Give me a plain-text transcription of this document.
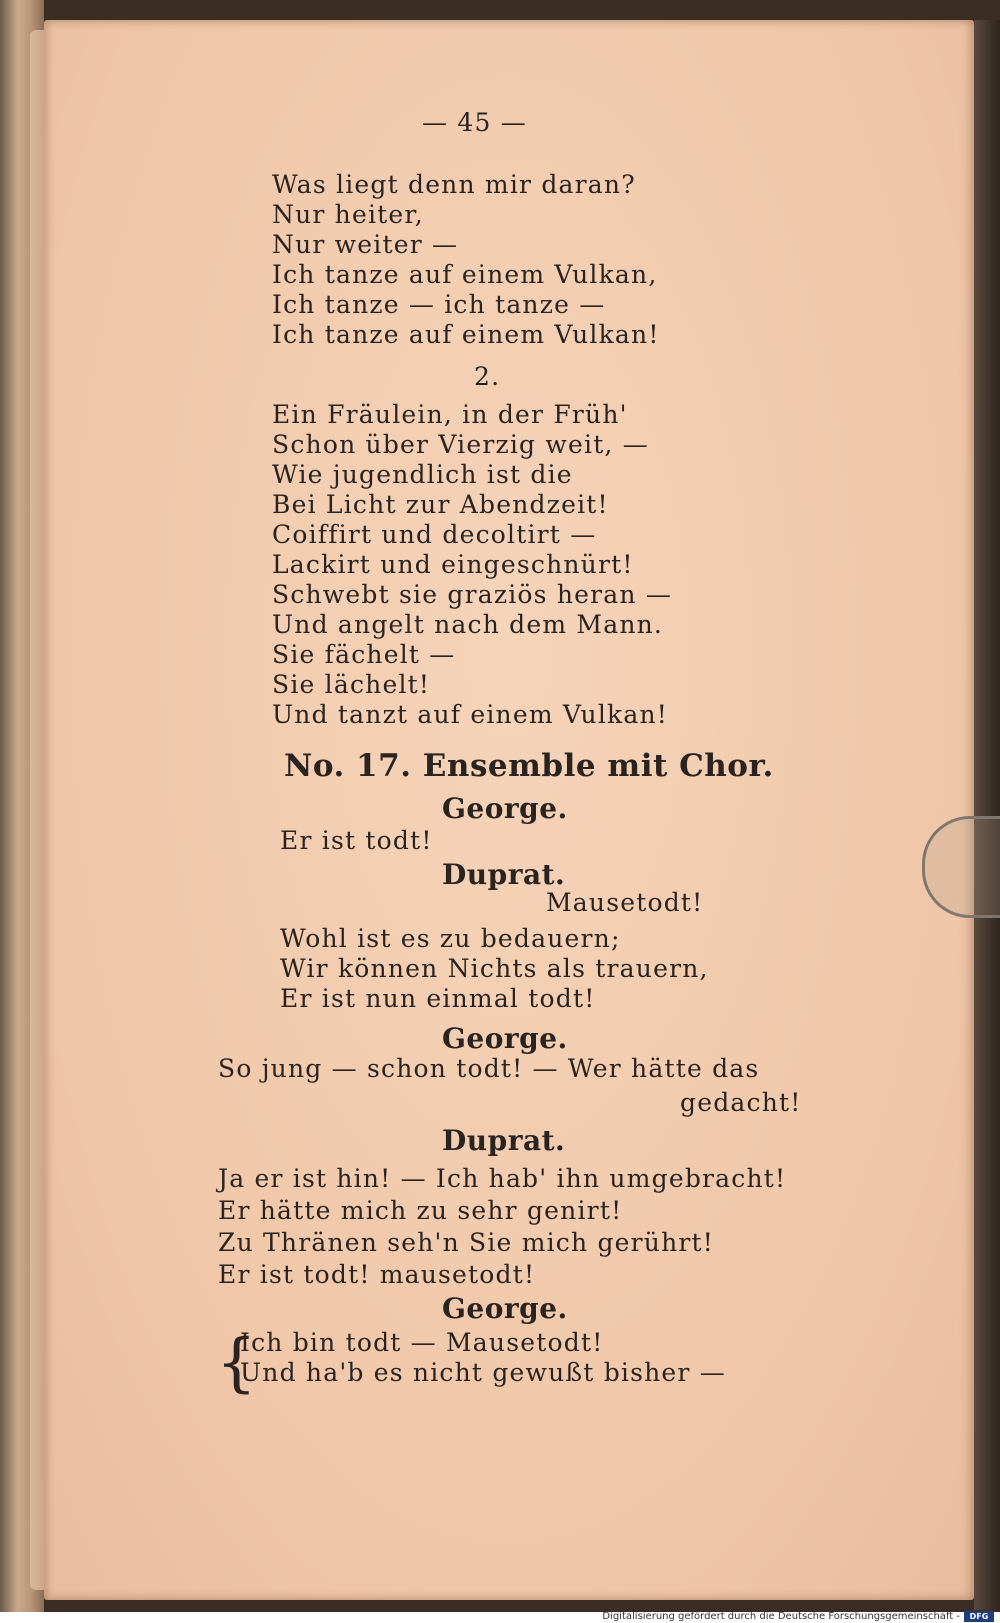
— 45 —
Was liegt denn mir daran?
Nur heiter,
Nur weiter —
Ich tanze auf einem Vulkan,
Ich tanze — ich tanze —
Ich tanze auf einem Vulkan!
2.
Ein Fräulein, in der Früh'
Schon über Vierzig weit, —
Wie jugendlich ist die
Bei Licht zur Abendzeit!
Coiffirt und decoltirt —
Lackirt und eingeschnürt!
Schwebt sie graziös heran —
Und angelt nach dem Mann.
Sie fächelt —
Sie lächelt!
Und tanzt auf einem Vulkan!
No. 17. Ensemble mit Chor.
George.
Er ist todt!
Duprat.
Mausetodt!
Wohl ist es zu bedauern;
Wir können Nichts als trauern,
Er ist nun einmal todt!
George.
So jung — schon todt! — Wer hätte das
gedacht!
Duprat.
Ja er ist hin! — Ich hab' ihn umgebracht!
Er hätte mich zu sehr genirt!
Zu Thränen seh'n Sie mich gerührt!
Er ist todt! mausetodt!
George.
{
Ich bin todt — Mausetodt!
Und ha'b es nicht gewußt bisher —
Digitalisierung gefördert durch die Deutsche Forschungsgemeinschaft -	DFG
